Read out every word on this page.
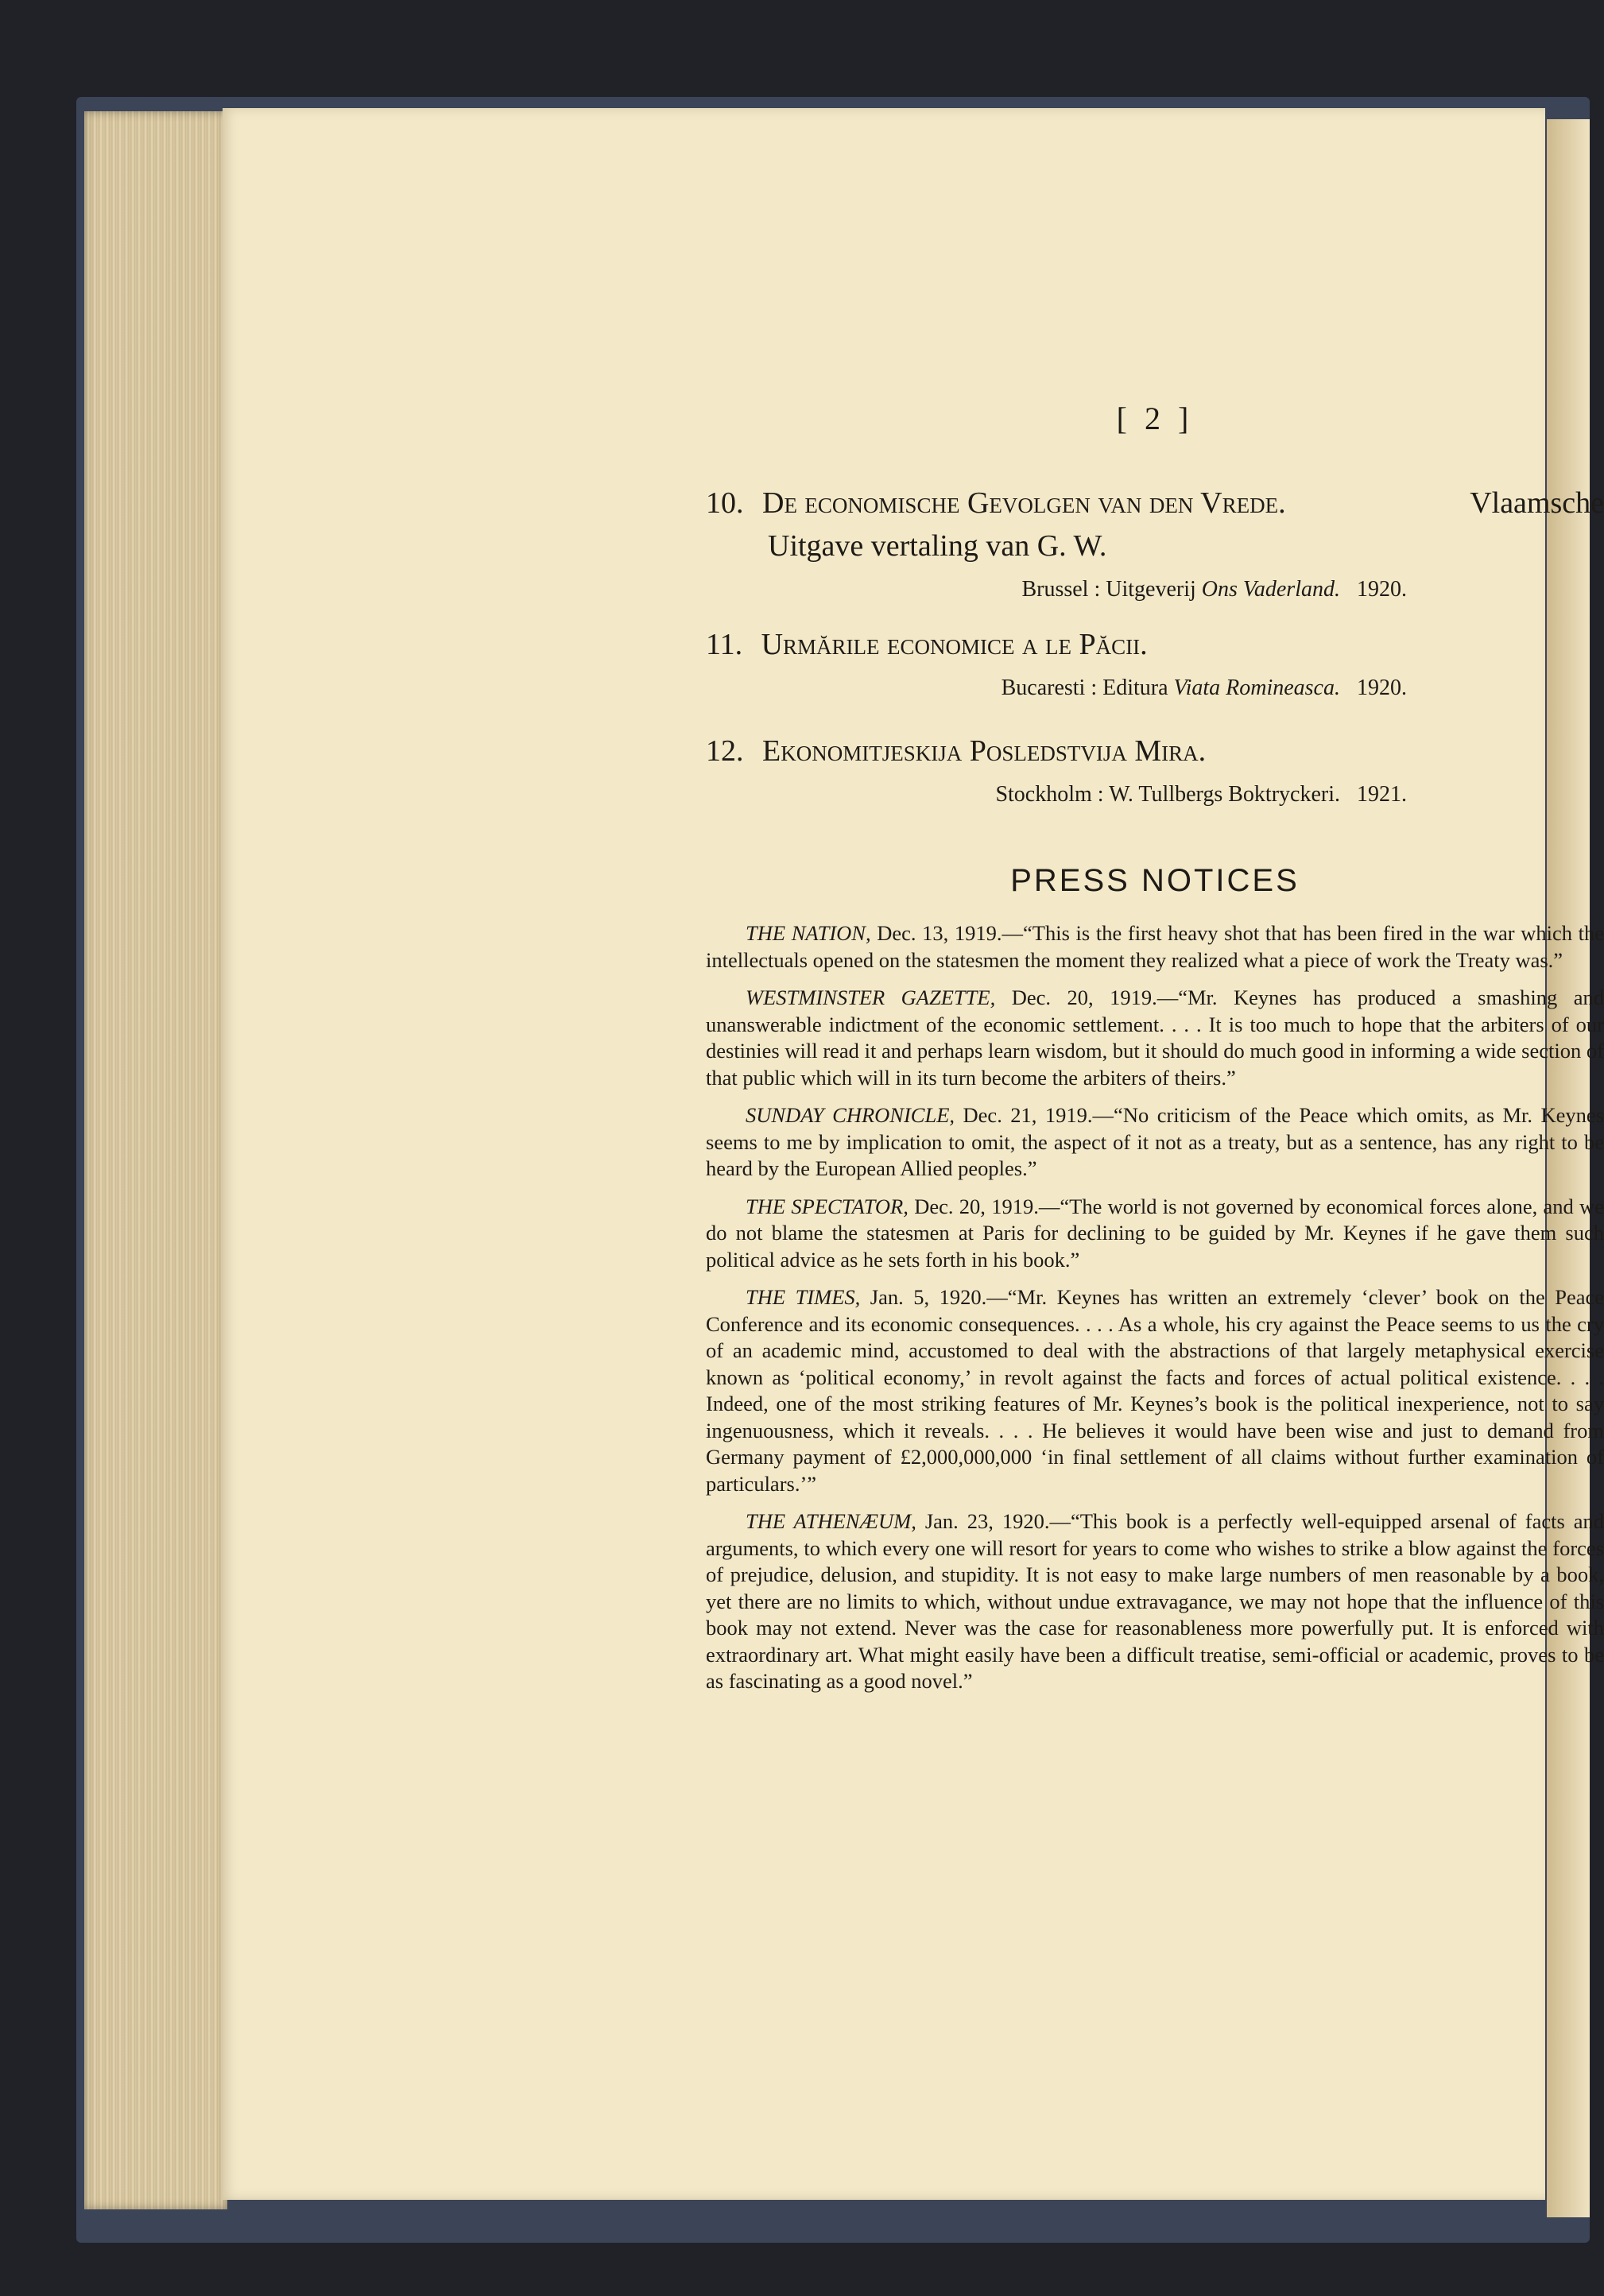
[ 2 ]
10. De economische Gevolgen van den Vrede.	Vlaamsche
Uitgave vertaling van G. W.
Brussel : Uitgeverij Ons Vaderland. 1920.
11. Urmările economice a le Păcii.
Bucaresti : Editura Viata Romineasca. 1920.
12. Ekonomitjeskija Posledstvija Mira.
Stockholm : W. Tullbergs Boktryckeri. 1921.
PRESS NOTICES

THE NATION, Dec. 13, 1919.—“This is the first heavy shot that has been fired in the war which the intellectuals opened on the statesmen the moment they realized what a piece of work the Treaty was.”

WESTMINSTER GAZETTE, Dec. 20, 1919.—“Mr. Keynes has produced a smashing and unanswerable indictment of the economic settlement. . . . It is too much to hope that the arbiters of our destinies will read it and perhaps learn wisdom, but it should do much good in informing a wide section of that public which will in its turn become the arbiters of theirs.”

SUNDAY CHRONICLE, Dec. 21, 1919.—“No criticism of the Peace which omits, as Mr. Keynes seems to me by implication to omit, the aspect of it not as a treaty, but as a sentence, has any right to be heard by the European Allied peoples.”

THE SPECTATOR, Dec. 20, 1919.—“The world is not governed by economical forces alone, and we do not blame the statesmen at Paris for declining to be guided by Mr. Keynes if he gave them such political advice as he sets forth in his book.”

THE TIMES, Jan. 5, 1920.—“Mr. Keynes has written an extremely ‘clever’ book on the Peace Conference and its economic consequences. . . . As a whole, his cry against the Peace seems to us the cry of an academic mind, accustomed to deal with the abstractions of that largely metaphysical exercise known as ‘political economy,’ in revolt against the facts and forces of actual political existence. . . . Indeed, one of the most striking features of Mr. Keynes’s book is the political inexperience, not to say ingenuousness, which it reveals. . . . He believes it would have been wise and just to demand from Germany payment of £2,000,000,000 ‘in final settlement of all claims without further examination of particulars.’”

THE ATHENÆUM, Jan. 23, 1920.—“This book is a perfectly well-equipped arsenal of facts and arguments, to which every one will resort for years to come who wishes to strike a blow against the forces of prejudice, delusion, and stupidity. It is not easy to make large numbers of men reasonable by a book, yet there are no limits to which, without undue extravagance, we may not hope that the influence of this book may not extend. Never was the case for reasonableness more powerfully put. It is enforced with extraordinary art. What might easily have been a difficult treatise, semi-official or academic, proves to be as fascinating as a good novel.”
